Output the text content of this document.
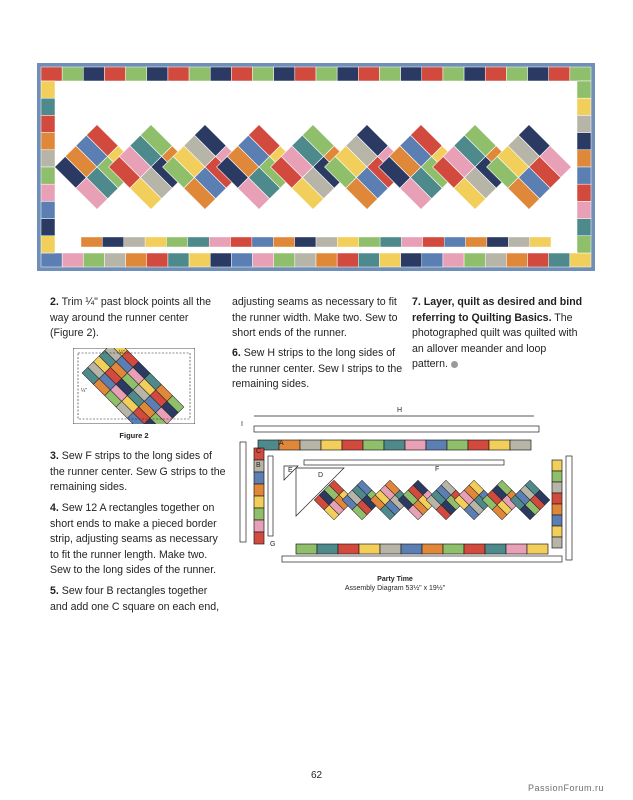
2. Trim ¼" past block points all the way around the runner center (Figure 2).
¼"
¼"
Figure 2
3. Sew F strips to the long sides of the runner center. Sew G strips to the remaining sides.
4. Sew 12 A rectangles together on short ends to make a pieced border strip, adjusting seams as necessary to fit the runner length. Make two. Sew to the long sides of the runner.
5. Sew four B rectangles together and add one C square on each end,
adjusting seams as necessary to fit the runner width. Make two. Sew to short ends of the runner.
6. Sew H strips to the long sides of the runner center. Sew I strips to the remaining sides.
7. Layer, quilt as desired and bind referring to Quilting Basics. The photographed quilt was quilted with an allover meander and loop pattern.
H
I
A
C
B
E
D
F
G
Party Time
Assembly Diagram 53½" x 19½"
62
PassionForum.ru
